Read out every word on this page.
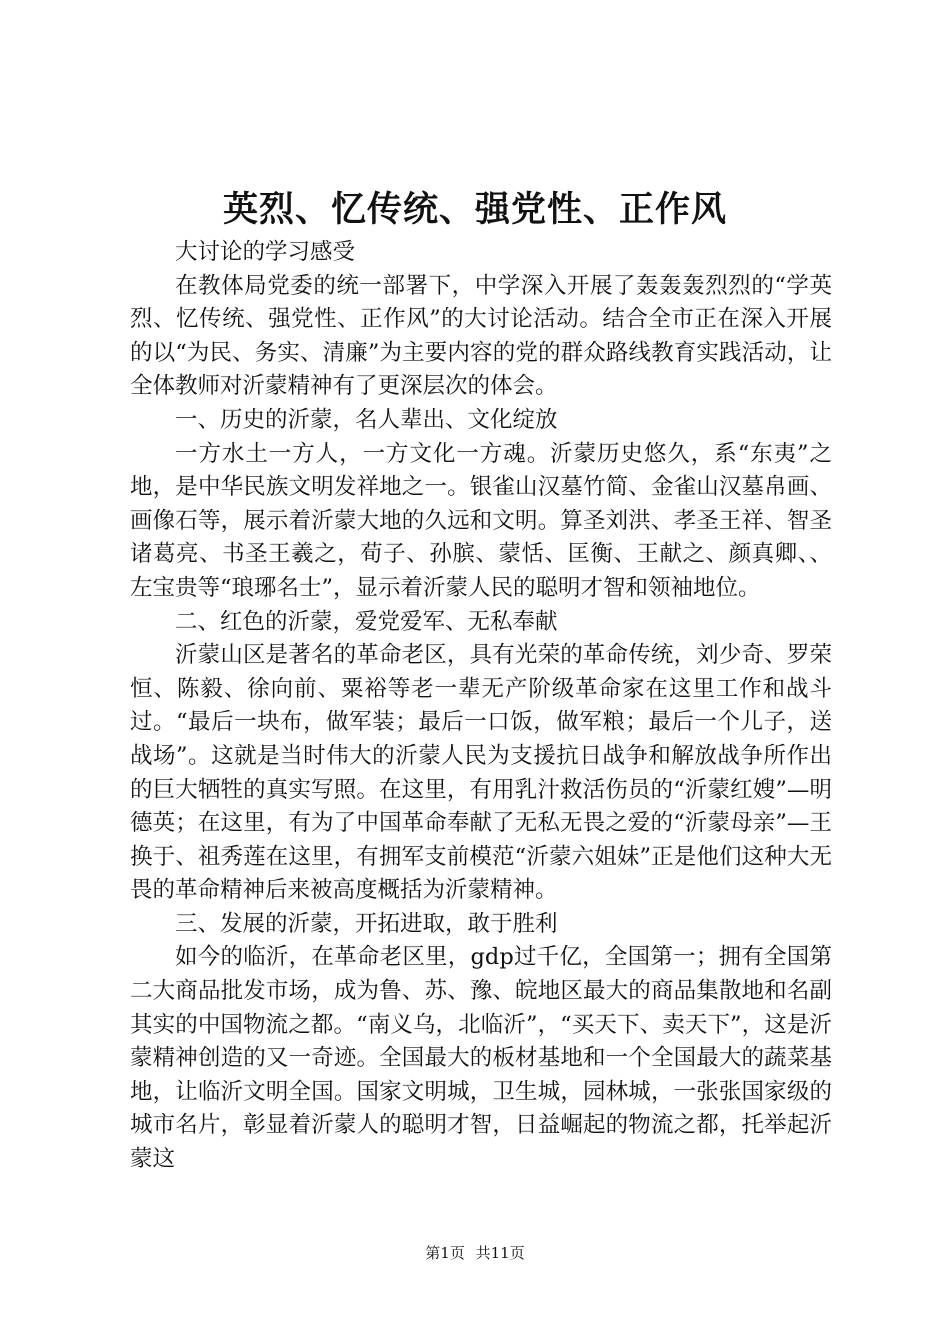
英烈、忆传统、强党性、正作风

大讨论的学习感受

在教体局党委的统一部署下，中学深入开展了轰轰轰烈烈的“学英烈、忆传统、强党性、正作风”的大讨论活动。结合全市正在深入开展的以“为民、务实、清廉”为主要内容的党的群众路线教育实践活动，让全体教师对沂蒙精神有了更深层次的体会。

一、历史的沂蒙，名人辈出、文化绽放

一方水土一方人，一方文化一方魂。沂蒙历史悠久，系“东夷”之地，是中华民族文明发祥地之一。银雀山汉墓竹简、金雀山汉墓帛画、画像石等，展示着沂蒙大地的久远和文明。算圣刘洪、孝圣王祥、智圣诸葛亮、书圣王羲之，荀子、孙膑、蒙恬、匡衡、王献之、颜真卿、、左宝贵等“琅琊名士”，显示着沂蒙人民的聪明才智和领袖地位。

二、红色的沂蒙，爱党爱军、无私奉献

沂蒙山区是著名的革命老区，具有光荣的革命传统，刘少奇、罗荣恒、陈毅、徐向前、粟裕等老一辈无产阶级革命家在这里工作和战斗过。“最后一块布，做军装；最后一口饭，做军粮；最后一个儿子，送战场”。这就是当时伟大的沂蒙人民为支援抗日战争和解放战争所作出的巨大牺牲的真实写照。在这里，有用乳汁救活伤员的“沂蒙红嫂”—明德英；在这里，有为了中国革命奉献了无私无畏之爱的“沂蒙母亲”—王换于、祖秀莲在这里，有拥军支前模范“沂蒙六姐妹”正是他们这种大无畏的革命精神后来被高度概括为沂蒙精神。

三、发展的沂蒙，开拓进取，敢于胜利

如今的临沂，在革命老区里，gdp过千亿，全国第一；拥有全国第二大商品批发市场，成为鲁、苏、豫、皖地区最大的商品集散地和名副其实的中国物流之都。“南义乌，北临沂”，“买天下、卖天下”，这是沂蒙精神创造的又一奇迹。全国最大的板材基地和一个全国最大的蔬菜基地，让临沂文明全国。国家文明城，卫生城，园林城，一张张国家级的城市名片，彰显着沂蒙人的聪明才智，日益崛起的物流之都，托举起沂蒙这

第1页 共11页
